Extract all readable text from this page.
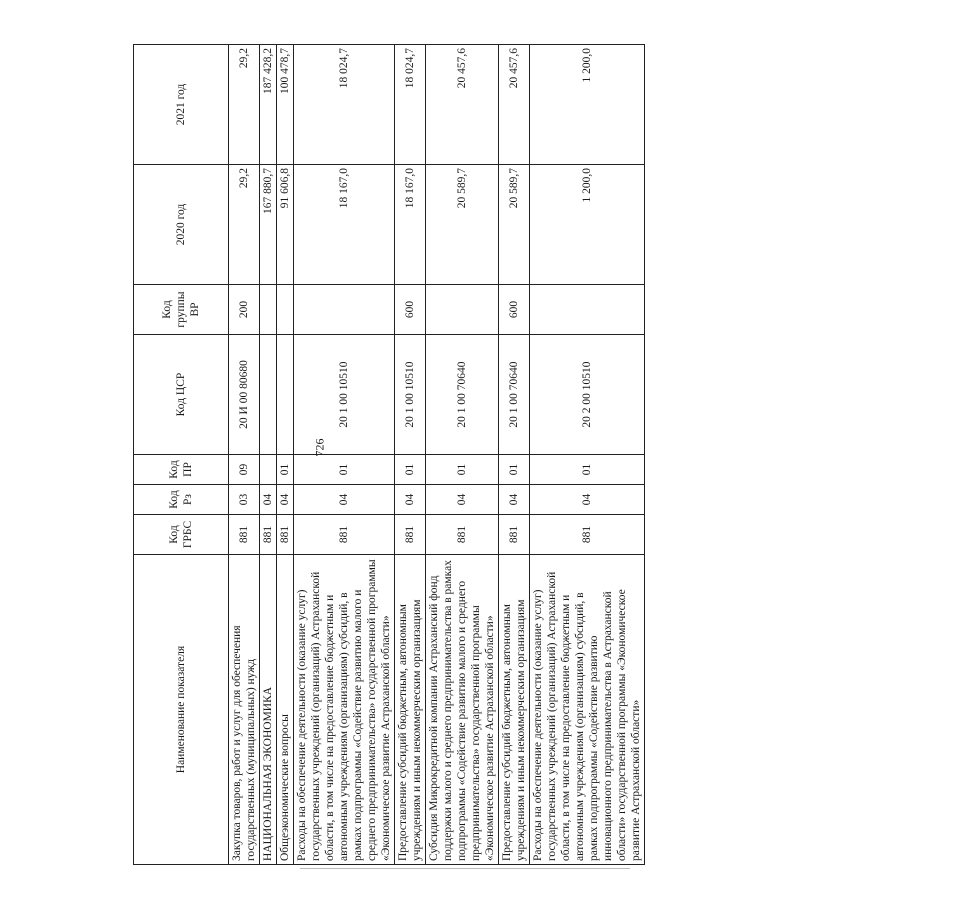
726
Наименование показателя	Код ГРБС	Код Рз	Код ПР	Код ЦСР	Код группы ВР	2020 год	2021 год
Закупка товаров, работ и услуг для обеспечения государственных (муниципальных) нужд	881	03	09	20 И 00 80680	200	29,2	29,2
НАЦИОНАЛЬНАЯ ЭКОНОМИКА	881	04				167 880,7	187 428,2
Общеэкономические вопросы	881	04	01			91 606,8	100 478,7
Расходы на обеспечение деятельности (оказание услуг) государственных учреждений (организаций) Астраханской области, в том числе на предоставление бюджетным и автономным учреждениям (организациям) субсидий, в рамках подпрограммы «Содействие развитию малого и среднего предпринимательства» государственной программы «Экономическое развитие Астраханской области»	881	04	01	20 1 00 10510		18 167,0	18 024,7
Предоставление субсидий бюджетным, автономным учреждениям и иным некоммерческим организациям	881	04	01	20 1 00 10510	600	18 167,0	18 024,7
Субсидия Микрокредитной компании Астраханский фонд поддержки малого и среднего предпринимательства в рамках подпрограммы «Содействие развитию малого и среднего предпринимательства» государственной программы «Экономическое развитие Астраханской области»	881	04	01	20 1 00 70640		20 589,7	20 457,6
Предоставление субсидий бюджетным, автономным учреждениям и иным некоммерческим организациям	881	04	01	20 1 00 70640	600	20 589,7	20 457,6
Расходы на обеспечение деятельности (оказание услуг) государственных учреждений (организаций) Астраханской области, в том числе на предоставление бюджетным и автономным учреждениям (организациям) субсидий, в рамках подпрограммы «Содействие развитию инновационного предпринимательства в Астраханской области» государственной программы «Экономическое развитие Астраханской области»	881	04	01	20 2 00 10510		1 200,0	1 200,0
